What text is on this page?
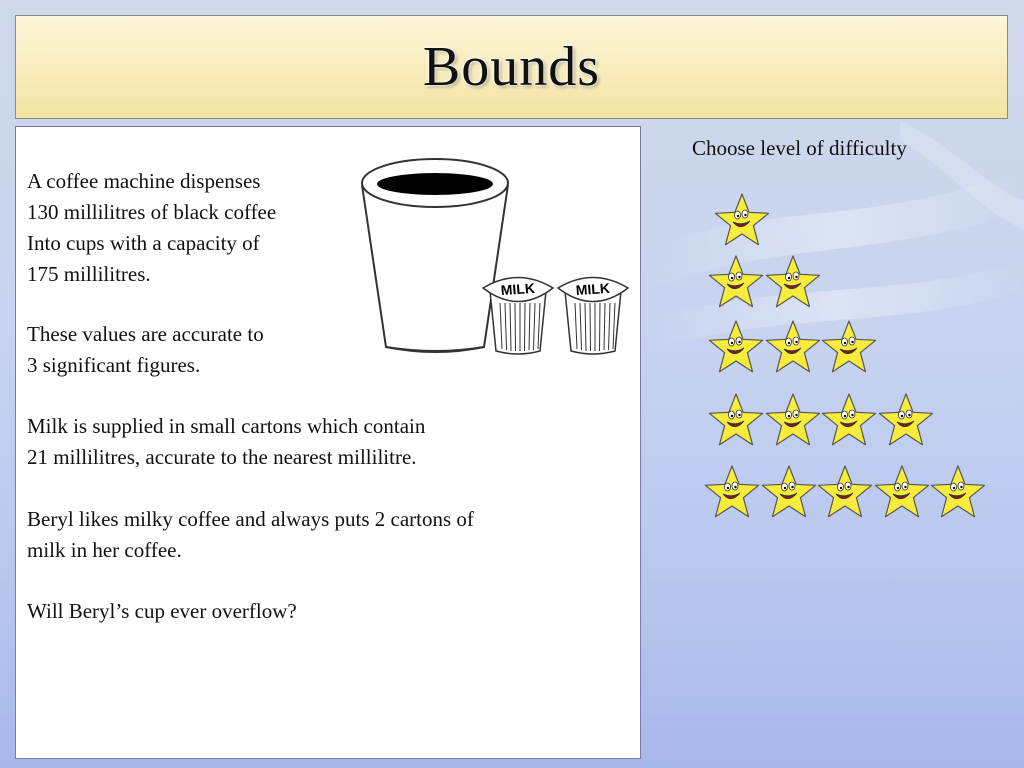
Bounds

A coffee machine dispenses
130 millilitres of black coffee
Into cups with a capacity of
175 millilitres.

These values are accurate to
3 significant figures.

Milk is supplied in small cartons which contain
21 millilitres, accurate to the nearest millilitre.

Beryl likes milky coffee and always puts 2 cartons of
milk in her coffee.

Will Beryl’s cup ever overflow?

MILK	MILK
Choose level of difficulty
